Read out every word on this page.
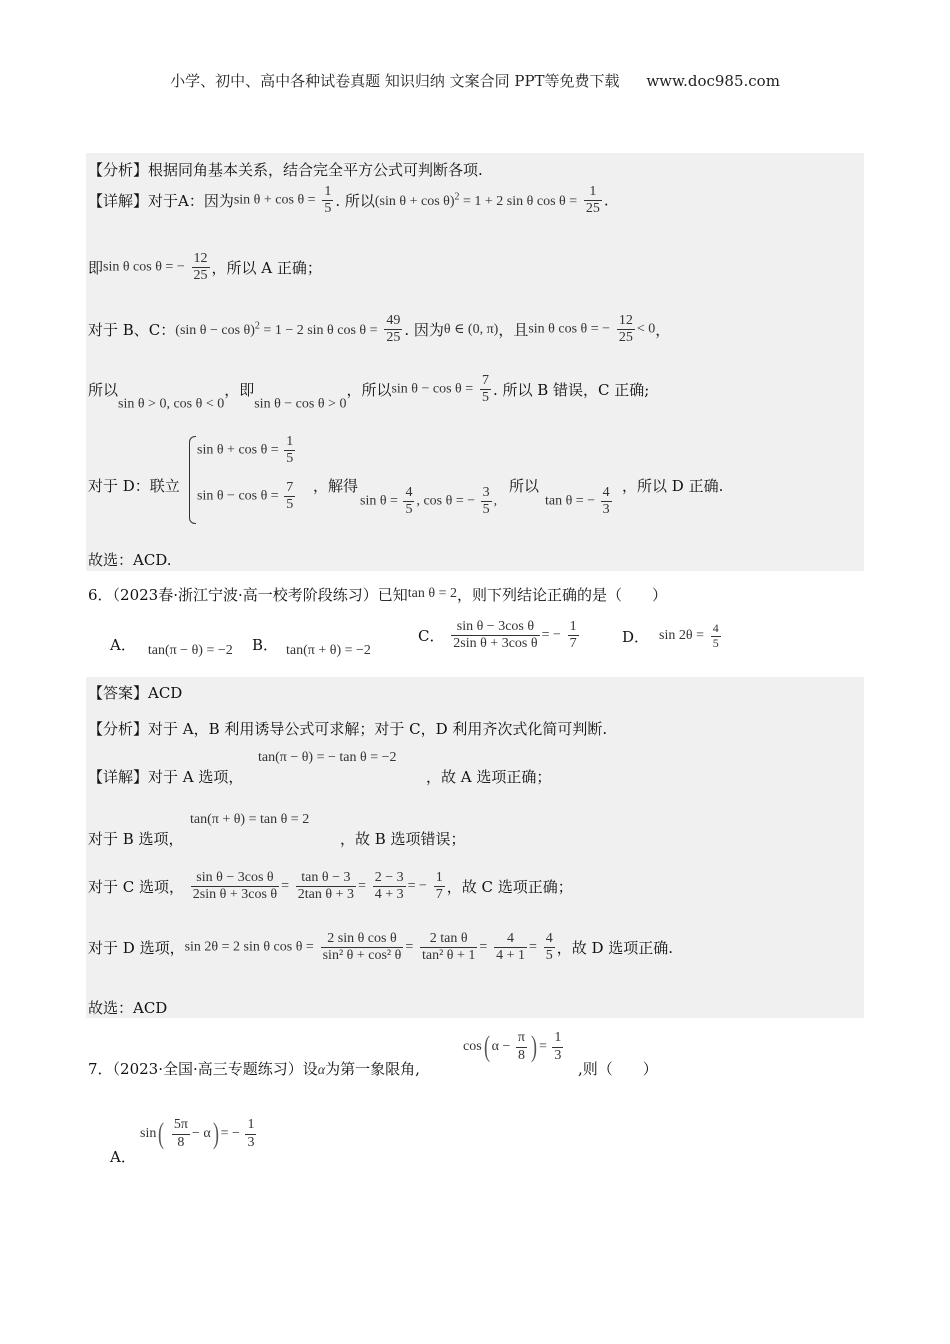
小学、初中、高中各种试卷真题 知识归纳 文案合同 PPT等免费下载 www.doc985.com
【分析】根据同角基本关系，结合完全平方公式可判断各项.
【详解】对于A：因为$\sin \theta + \cos \theta = \frac{1}{5}$ . 所以(sin θ + cos θ)$^2$ = 1 + 2 sin θ $\cos \theta = \frac{1}{25}$ .
即sin θ cos θ = − $\frac{12}{25}$ ，所以 A 正确；
对于 B、C：(sin θ − cos θ)$^2$ = 1 − 2 sin θ $\cos \theta = \frac{49}{25}$ . 因为θ ∈ (0, π)，且sin θ cos θ = − $\frac{12}{25} < 0$，
所以sin θ > 0, cos θ < 0，即sin θ − cos θ > 0，所以$\sin \theta - \cos \theta = \frac{7}{5}$ . 所以 B 错误，C 正确;
对于 D：联立
$\sin \theta + \cos \theta = \frac{1}{5}$
$\sin \theta - \cos \theta = \frac{7}{5}$ ，解得
$\sin \theta = \frac{4}{5}$ , cos θ = − $\frac{3}{5}$ ,
所以
tan θ = − $\frac{4}{3}$ ，所以 D 正确.
故选：ACD.
6．（2023春·浙江宁波·高一校考阶段练习）已知tan θ = 2，则下列结论正确的是（　　）
A． tan(π − θ) = −2 B． tan(π + θ) = −2
C． $\frac{\text{sin θ − 3cos θ}}{\text{2sin θ + 3cos θ}}$ = − $\frac{1}{7}$	D． $\sin 2\theta = \frac{4}{5}$
【答案】ACD
【分析】对于 A，B 利用诱导公式可求解；对于 C，D 利用齐次式化简可判断.
【详解】对于 A 选项，
tan(π − θ) = − tan θ = −2
，故 A 选项正确；
对于 B 选项，
tan(π + θ) = tan θ = 2
，故 B 选项错误；
对于 C 选项， $\frac{\text{sin θ − 3cos θ}}{\text{2sin θ + 3cos θ}} = \frac{\text{tan θ − 3}}{\text{2tan θ + 3}} = \frac{2 - 3}{4 + 3}$ = − $\frac{1}{7}$ ，故 C 选项正确；
对于 D 选项，sin 2θ = 2 sin θ $\cos \theta = \frac{\text{2 sin θ cos θ}}{\text{sin² θ + cos² θ}} = \frac{\text{2 tan θ}}{\text{tan² θ + 1}} = \frac{4}{4 + 1} = \frac{4}{5}$ ，故 D 选项正确.
故选：ACD
7．（2023·全国·高三专题练习）设α为第一象限角,
cos( $\alpha - \frac{\pi}{8}$ ) = $\frac{1}{3}$
,则（　　）
A．
$\sin( \frac{5\pi}{8} - \alpha)$ = − $\frac{1}{3}$
